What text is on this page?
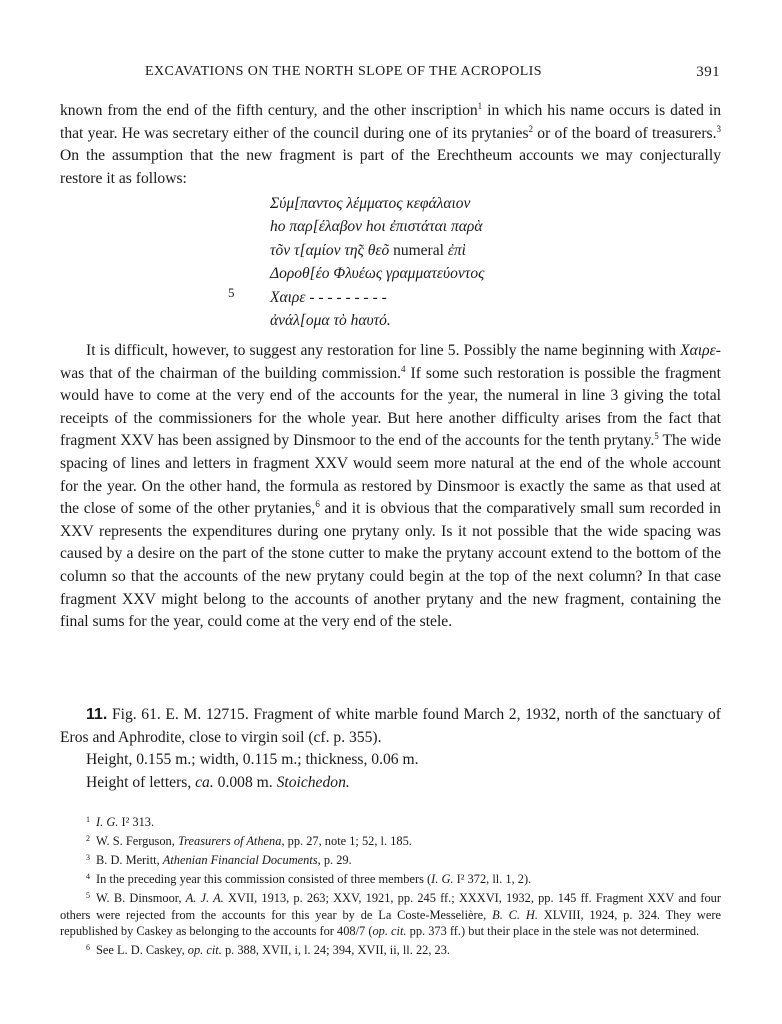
EXCAVATIONS ON THE NORTH SLOPE OF THE ACROPOLIS	391

known from the end of the fifth century, and the other inscription$^1$ in which his name occurs is dated in that year. He was secretary either of the council during one of its prytanies$^2$ or of the board of treasurers.$^3$ On the assumption that the new fragment is part of the Erechtheum accounts we may conjecturally restore it as follows:

Σύμ[παντος λέμματος κεφάλαιον
ho παρ[έλαβον hoι ἐπιστάται παρὰ
τõν τ[αμίον τη̃ς θεõ numeral ἐπὶ
Δοροθ[έο Φλυέως γραμματεύοντος
Χαιρε - - - - - - - - -
ἀνάλ[ομα τὸ hαυτό.
5

It is difficult, however, to suggest any restoration for line 5. Possibly the name beginning with Χαιρε- was that of the chairman of the building commission.$^4$ If some such restoration is possible the fragment would have to come at the very end of the accounts for the year, the numeral in line 3 giving the total receipts of the commissioners for the whole year. But here another difficulty arises from the fact that fragment XXV has been assigned by Dinsmoor to the end of the accounts for the tenth prytany.$^5$ The wide spacing of lines and letters in fragment XXV would seem more natural at the end of the whole account for the year. On the other hand, the formula as restored by Dinsmoor is exactly the same as that used at the close of some of the other prytanies,$^6$ and it is obvious that the comparatively small sum recorded in XXV represents the expenditures during one prytany only. Is it not possible that the wide spacing was caused by a desire on the part of the stone cutter to make the prytany account extend to the bottom of the column so that the accounts of the new prytany could begin at the top of the next column? In that case fragment XXV might belong to the accounts of another prytany and the new fragment, containing the final sums for the year, could come at the very end of the stele.

11. Fig. 61. E. M. 12715. Fragment of white marble found March 2, 1932, north of the sanctuary of Eros and Aphrodite, close to virgin soil (cf. p. 355).

Height, 0.155 m.; width, 0.115 m.; thickness, 0.06 m.
Height of letters, ca. 0.008 m. Stoichedon.
$^1$ I. G. I² 313.
$^2$ W. S. Ferguson, Treasurers of Athena, pp. 27, note 1; 52, l. 185.
$^3$ B. D. Meritt, Athenian Financial Documents, p. 29.
$^4$ In the preceding year this commission consisted of three members (I. G. I² 372, ll. 1, 2).
$^5$ W. B. Dinsmoor, A. J. A. XVII, 1913, p. 263; XXV, 1921, pp. 245 ff.; XXXVI, 1932, pp. 145 ff. Fragment XXV and four others were rejected from the accounts for this year by de La Coste-Messelière, B. C. H. XLVIII, 1924, p. 324. They were republished by Caskey as belonging to the accounts for 408/7 (op. cit. pp. 373 ff.) but their place in the stele was not determined.
$^6$ See L. D. Caskey, op. cit. p. 388, XVII, i, l. 24; 394, XVII, ii, ll. 22, 23.
